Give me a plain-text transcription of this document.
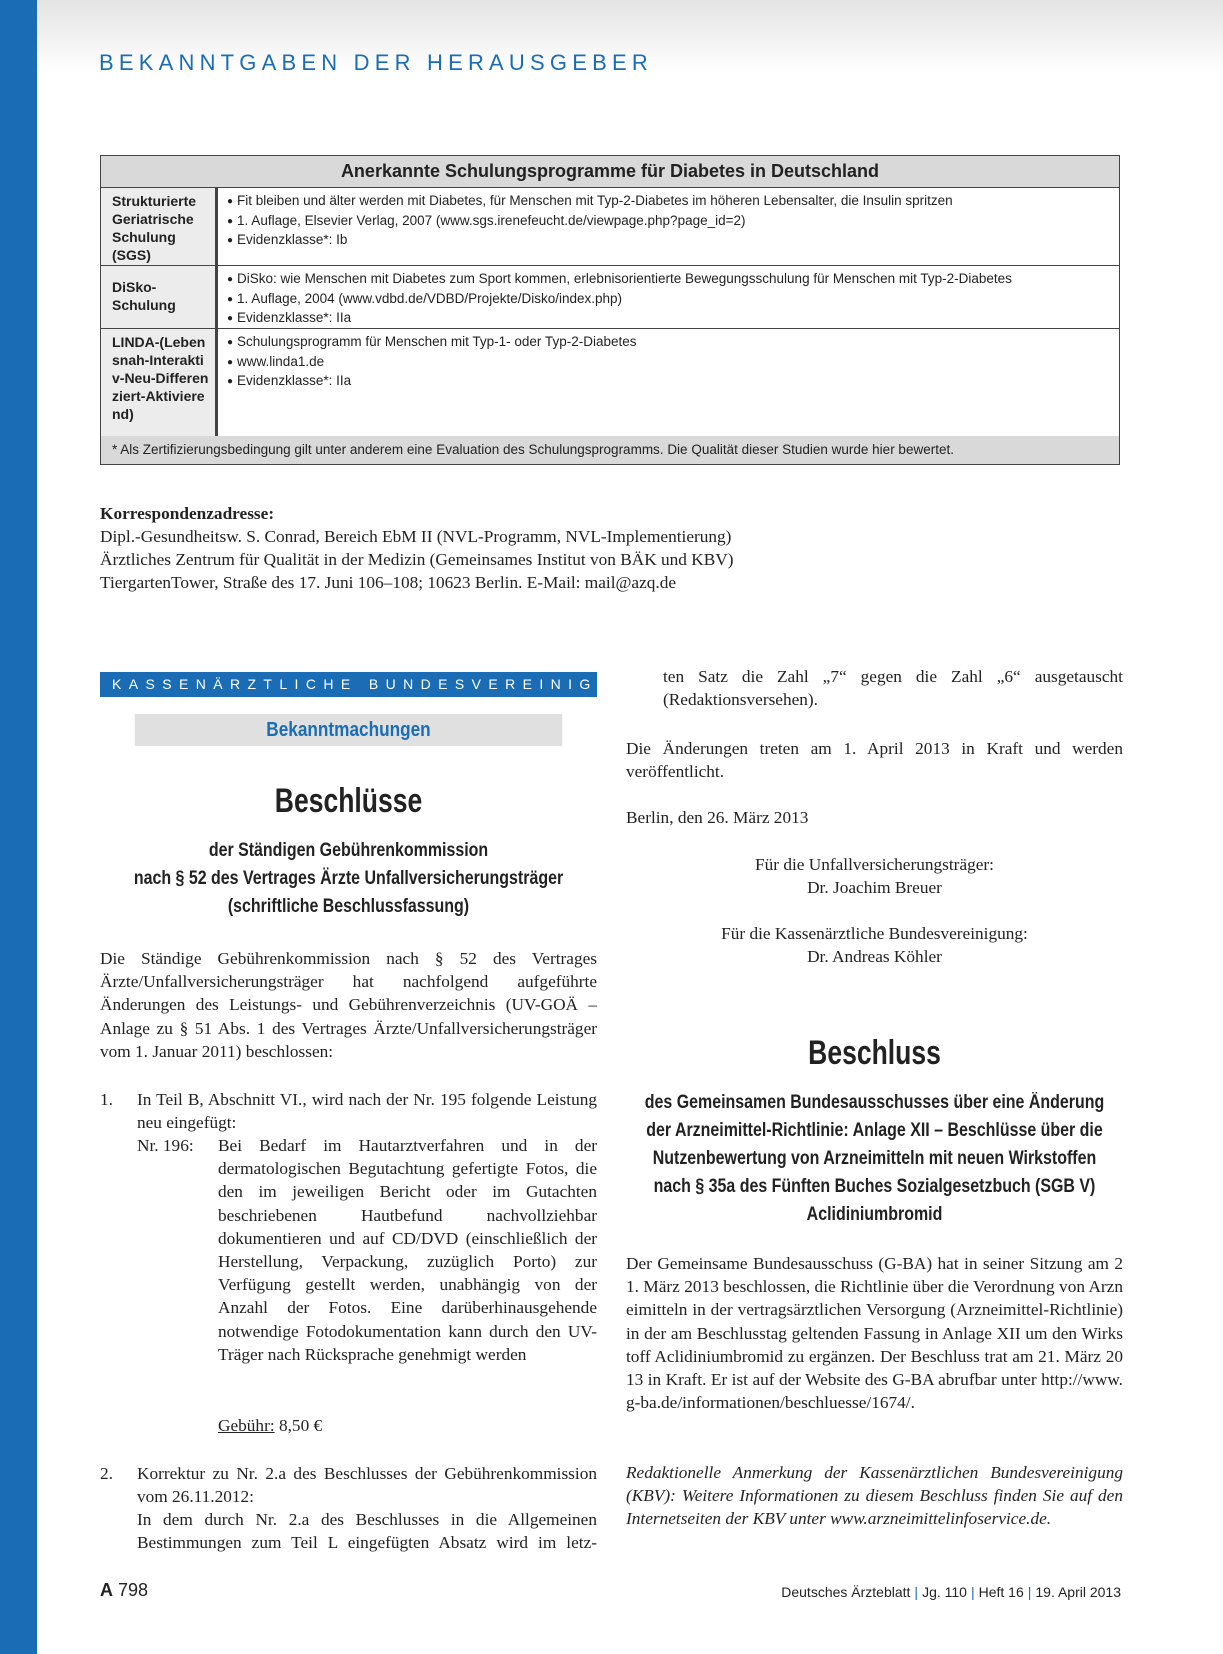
BEKANNTGABEN DER HERAUSGEBER
Anerkannte Schulungsprogramme für Diabetes in Deutschland
Strukturierte Geriatrische Schulung (SGS)
● Fit bleiben und älter werden mit Diabetes, für Menschen mit Typ-2-Diabetes im höheren Lebensalter, die Insulin spritzen
● 1. Auflage, Elsevier Verlag, 2007 (www.sgs.irenefeucht.de/viewpage.php?page_id=2)
● Evidenzklasse*: Ib
DiSko-Schulung
● DiSko: wie Menschen mit Diabetes zum Sport kommen, erlebnisorientierte Bewegungsschulung für Menschen mit Typ-2-Diabetes
● 1. Auflage, 2004 (www.vdbd.de/VDBD/Projekte/Disko/index.php)
● Evidenzklasse*: IIa
LINDA-(Lebensnah-Interaktiv-Neu-Differenziert-Aktivierend)
● Schulungsprogramm für Menschen mit Typ-1- oder Typ-2-Diabetes
● www.linda1.de
● Evidenzklasse*: IIa
* Als Zertifizierungsbedingung gilt unter anderem eine Evaluation des Schulungsprogramms. Die Qualität dieser Studien wurde hier bewertet.
Korrespondenzadresse:
Dipl.-Gesundheitsw. S. Conrad, Bereich EbM II (NVL-Programm, NVL-Implementierung)
Ärztliches Zentrum für Qualität in der Medizin (Gemeinsames Institut von BÄK und KBV)
TiergartenTower, Straße des 17. Juni 106–108; 10623 Berlin. E-Mail: mail@azq.de
KASSENÄRZTLICHE BUNDESVEREINIGUNG
Bekanntmachungen
Beschlüsse
der Ständigen Gebührenkommission
nach § 52 des Vertrages Ärzte Unfallversicherungsträger
(schriftliche Beschlussfassung)
Die Ständige Gebührenkommission nach § 52 des Vertrages Ärzte/Unfallversicherungsträger hat nachfolgend aufgeführte Änderungen des Leistungs- und Gebührenverzeichnis (UV-GOÄ – Anlage zu § 51 Abs. 1 des Vertrages Ärzte/Unfallversicherungsträger vom 1. Januar 2011) beschlossen:
1. In Teil B, Abschnitt VI., wird nach der Nr. 195 folgende Leistung neu eingefügt:
Nr. 196: Bei Bedarf im Hautarztverfahren und in der dermatologischen Begutachtung gefertigte Fotos, die den im jeweiligen Bericht oder im Gutachten beschriebenen Hautbefund nachvollziehbar dokumentieren und auf CD/DVD (einschließlich der Herstellung, Verpackung, zuzüglich Porto) zur Verfügung gestellt werden, unabhängig von der Anzahl der Fotos. Eine darüberhinausgehende notwendige Fotodokumentation kann durch den UV-Träger nach Rücksprache genehmigt werden
Gebühr: 8,50 €
2. Korrektur zu Nr. 2.a des Beschlusses der Gebührenkommission vom 26.11.2012:
In dem durch Nr. 2.a des Beschlusses in die Allgemeinen Bestimmungen zum Teil L eingefügten Absatz wird im letz-
ten Satz die Zahl „7“ gegen die Zahl „6“ ausgetauscht (Redaktionsversehen).
Die Änderungen treten am 1. April 2013 in Kraft und werden veröffentlicht.
Berlin, den 26. März 2013
Für die Unfallversicherungsträger:
Dr. Joachim Breuer
Für die Kassenärztliche Bundesvereinigung:
Dr. Andreas Köhler
Beschluss
des Gemeinsamen Bundesausschusses über eine Änderung
der Arzneimittel-Richtlinie: Anlage XII – Beschlüsse über die
Nutzenbewertung von Arzneimitteln mit neuen Wirkstoffen
nach § 35a des Fünften Buches Sozialgesetzbuch (SGB V)
Aclidiniumbromid
Der Gemeinsame Bundesausschuss (G-BA) hat in seiner Sitzung am 21. März 2013 beschlossen, die Richtlinie über die Verordnung von Arzneimitteln in der vertragsärztlichen Versorgung (Arzneimittel-Richtlinie) in der am Beschlusstag geltenden Fassung in Anlage XII um den Wirkstoff Aclidiniumbromid zu ergänzen. Der Beschluss trat am 21. März 2013 in Kraft. Er ist auf der Website des G-BA abrufbar unter http://www.g-ba.de/informationen/beschluesse/1674/.
Redaktionelle Anmerkung der Kassenärztlichen Bundesvereinigung (KBV): Weitere Informationen zu diesem Beschluss finden Sie auf den Internetseiten der KBV unter www.arzneimittelinfoservice.de.
A 798	Deutsches Ärzteblatt | Jg. 110 | Heft 16 | 19. April 2013
